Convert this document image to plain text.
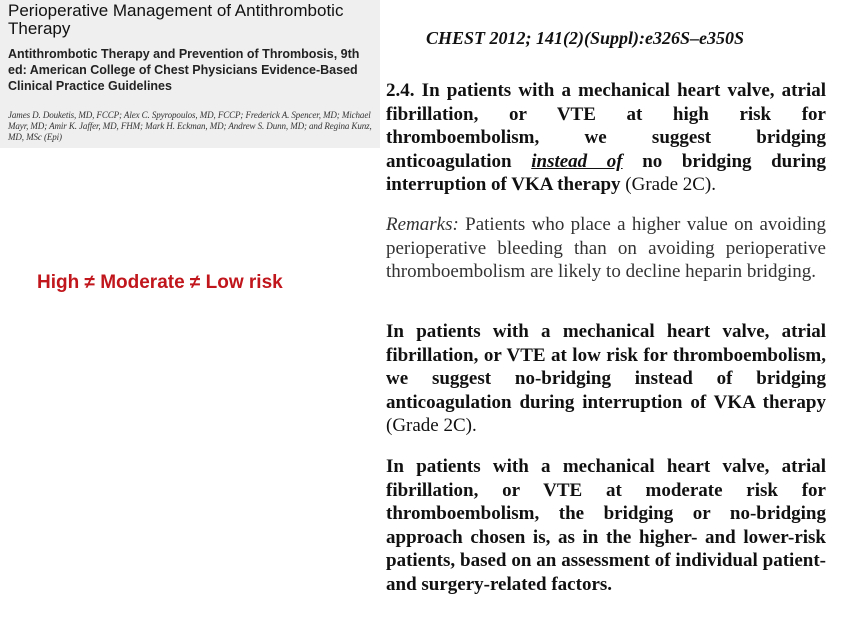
Perioperative Management of Antithrombotic Therapy
Antithrombotic Therapy and Prevention of Thrombosis, 9th ed: American College of Chest Physicians Evidence-Based Clinical Practice Guidelines
James D. Douketis, MD, FCCP; Alex C. Spyropoulos, MD, FCCP; Frederick A. Spencer, MD; Michael Mayr, MD; Amir K. Jaffer, MD, FHM; Mark H. Eckman, MD; Andrew S. Dunn, MD; and Regina Kunz, MD, MSc (Epi)
CHEST 2012; 141(2)(Suppl):e326S–e350S
High ≠ Moderate ≠ Low risk
2.4. In patients with a mechanical heart valve, atrial fibrillation, or VTE at high risk for thromboembolism, we suggest bridging anticoagulation instead of no bridging during interruption of VKA therapy (Grade 2C).
Remarks: Patients who place a higher value on avoiding perioperative bleeding than on avoiding perioperative thromboembolism are likely to decline heparin bridging.
In patients with a mechanical heart valve, atrial fibrillation, or VTE at low risk for thromboembolism, we suggest no-bridging instead of bridging anticoagulation during interruption of VKA therapy (Grade 2C).
In patients with a mechanical heart valve, atrial fibrillation, or VTE at moderate risk for thromboembolism, the bridging or no-bridging approach chosen is, as in the higher- and lower-risk patients, based on an assessment of individual patient- and surgery-related factors.
